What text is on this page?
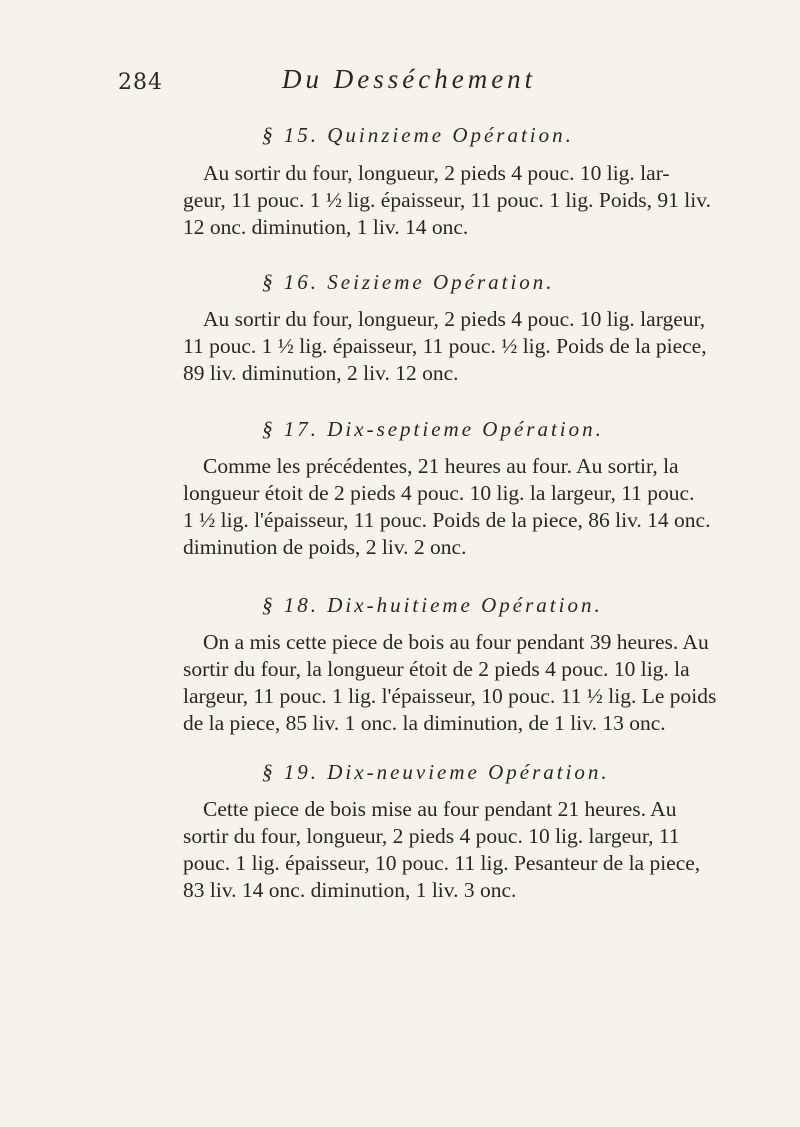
284	Du Desséchement
§ 15. Quinzieme Opération.
Au sortir du four, longueur, 2 pieds 4 pouc. 10 lig. lar-
geur, 11 pouc. 1 ½ lig. épaisseur, 11 pouc. 1 lig. Poids, 91 liv.
12 onc. diminution, 1 liv. 14 onc.
§ 16. Seizieme Opération.
Au sortir du four, longueur, 2 pieds 4 pouc. 10 lig. largeur,
11 pouc. 1 ½ lig. épaisseur, 11 pouc. ½ lig. Poids de la piece,
89 liv. diminution, 2 liv. 12 onc.
§ 17. Dix-septieme Opération.
Comme les précédentes, 21 heures au four. Au sortir, la
longueur étoit de 2 pieds 4 pouc. 10 lig. la largeur, 11 pouc.
1 ½ lig. l'épaisseur, 11 pouc. Poids de la piece, 86 liv. 14 onc.
diminution de poids, 2 liv. 2 onc.
§ 18. Dix-huitieme Opération.
On a mis cette piece de bois au four pendant 39 heures. Au
sortir du four, la longueur étoit de 2 pieds 4 pouc. 10 lig. la
largeur, 11 pouc. 1 lig. l'épaisseur, 10 pouc. 11 ½ lig. Le poids
de la piece, 85 liv. 1 onc. la diminution, de 1 liv. 13 onc.
§ 19. Dix-neuvieme Opération.
Cette piece de bois mise au four pendant 21 heures. Au
sortir du four, longueur, 2 pieds 4 pouc. 10 lig. largeur, 11
pouc. 1 lig. épaisseur, 10 pouc. 11 lig. Pesanteur de la piece,
83 liv. 14 onc. diminution, 1 liv. 3 onc.
